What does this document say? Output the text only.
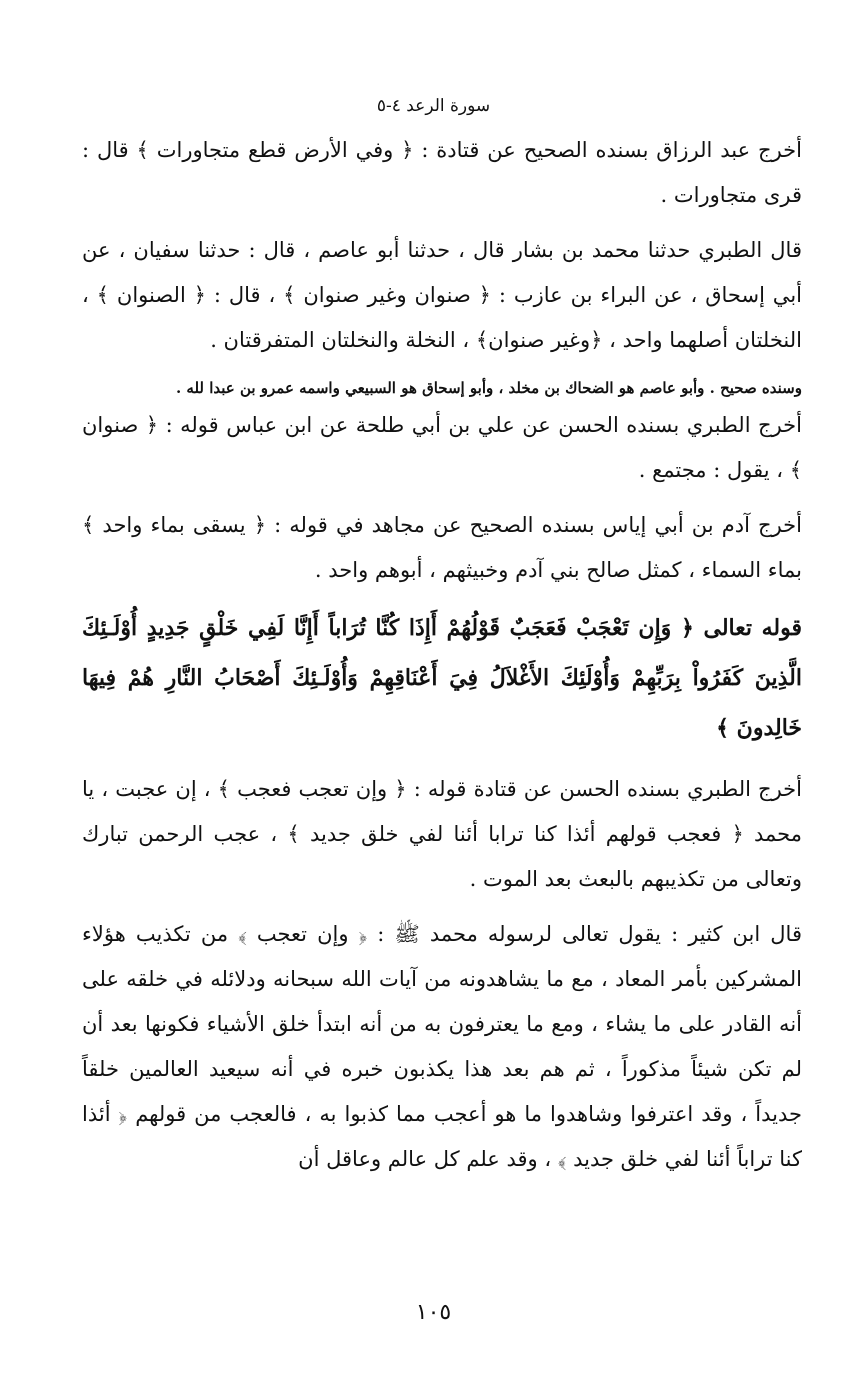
سورة الرعد ٤-٥

أخرج عبد الرزاق بسنده الصحيح عن قتادة : ﴿ وفي الأرض قطع متجاورات ﴾ قال : قرى متجاورات .

قال الطبري حدثنا محمد بن بشار قال ، حدثنا أبو عاصم ، قال : حدثنا سفيان ، عن أبي إسحاق ، عن البراء بن عازب : ﴿ صنوان وغير صنوان ﴾ ، قال : ﴿ الصنوان ﴾ ، النخلتان أصلهما واحد ، ﴿وغير صنوان﴾ ، النخلة والنخلتان المتفرقتان .

وسنده صحيح . وأبو عاصم هو الضحاك بن مخلد ، وأبو إسحاق هو السبيعي واسمه عمرو بن عبدا لله .

أخرج الطبري بسنده الحسن عن علي بن أبي طلحة عن ابن عباس قوله : ﴿ صنوان ﴾ ، يقول : مجتمع .

أخرج آدم بن أبي إياس بسنده الصحيح عن مجاهد في قوله : ﴿ يسقى بماء واحد ﴾ بماء السماء ، كمثل صالح بني آدم وخبيثهم ، أبوهم واحد .

قوله تعالى ﴿ وَإِن تَعْجَبْ فَعَجَبٌ قَوْلُهُمْ أَإِذَا كُنَّا تُرَاباً أَإِنَّا لَفِي خَلْقٍ جَدِيدٍ أُوْلَـئِكَ الَّذِينَ كَفَرُواْ بِرَبِّهِمْ وَأُوْلَئِكَ الأَغْلاَلُ فِيَ أَعْنَاقِهِمْ وَأُوْلَـئِكَ أَصْحَابُ النَّارِ هُمْ فِيهَا خَالِدونَ ﴾

أخرج الطبري بسنده الحسن عن قتادة قوله : ﴿ وإن تعجب فعجب ﴾ ، إن عجبت ، يا محمد ﴿ فعجب قولهم أئذا كنا ترابا أئنا لفي خلق جديد ﴾ ، عجب الرحمن تبارك وتعالى من تكذيبهم بالبعث بعد الموت .

قال ابن كثير : يقول تعالى لرسوله محمد ﷺ : ﴿ وإن تعجب ﴾ من تكذيب هؤلاء المشركين بأمر المعاد ، مع ما يشاهدونه من آيات الله سبحانه ودلائله في خلقه على أنه القادر على ما يشاء ، ومع ما يعترفون به من أنه ابتدأ خلق الأشياء فكونها بعد أن لم تكن شيئاً مذكوراً ، ثم هم بعد هذا يكذبون خبره في أنه سيعيد العالمين خلقاً جديداً ، وقد اعترفوا وشاهدوا ما هو أعجب مما كذبوا به ، فالعجب من قولهم ﴿ أئذا كنا تراباً أئنا لفي خلق جديد ﴾ ، وقد علم كل عالم وعاقل أن

١٠٥
